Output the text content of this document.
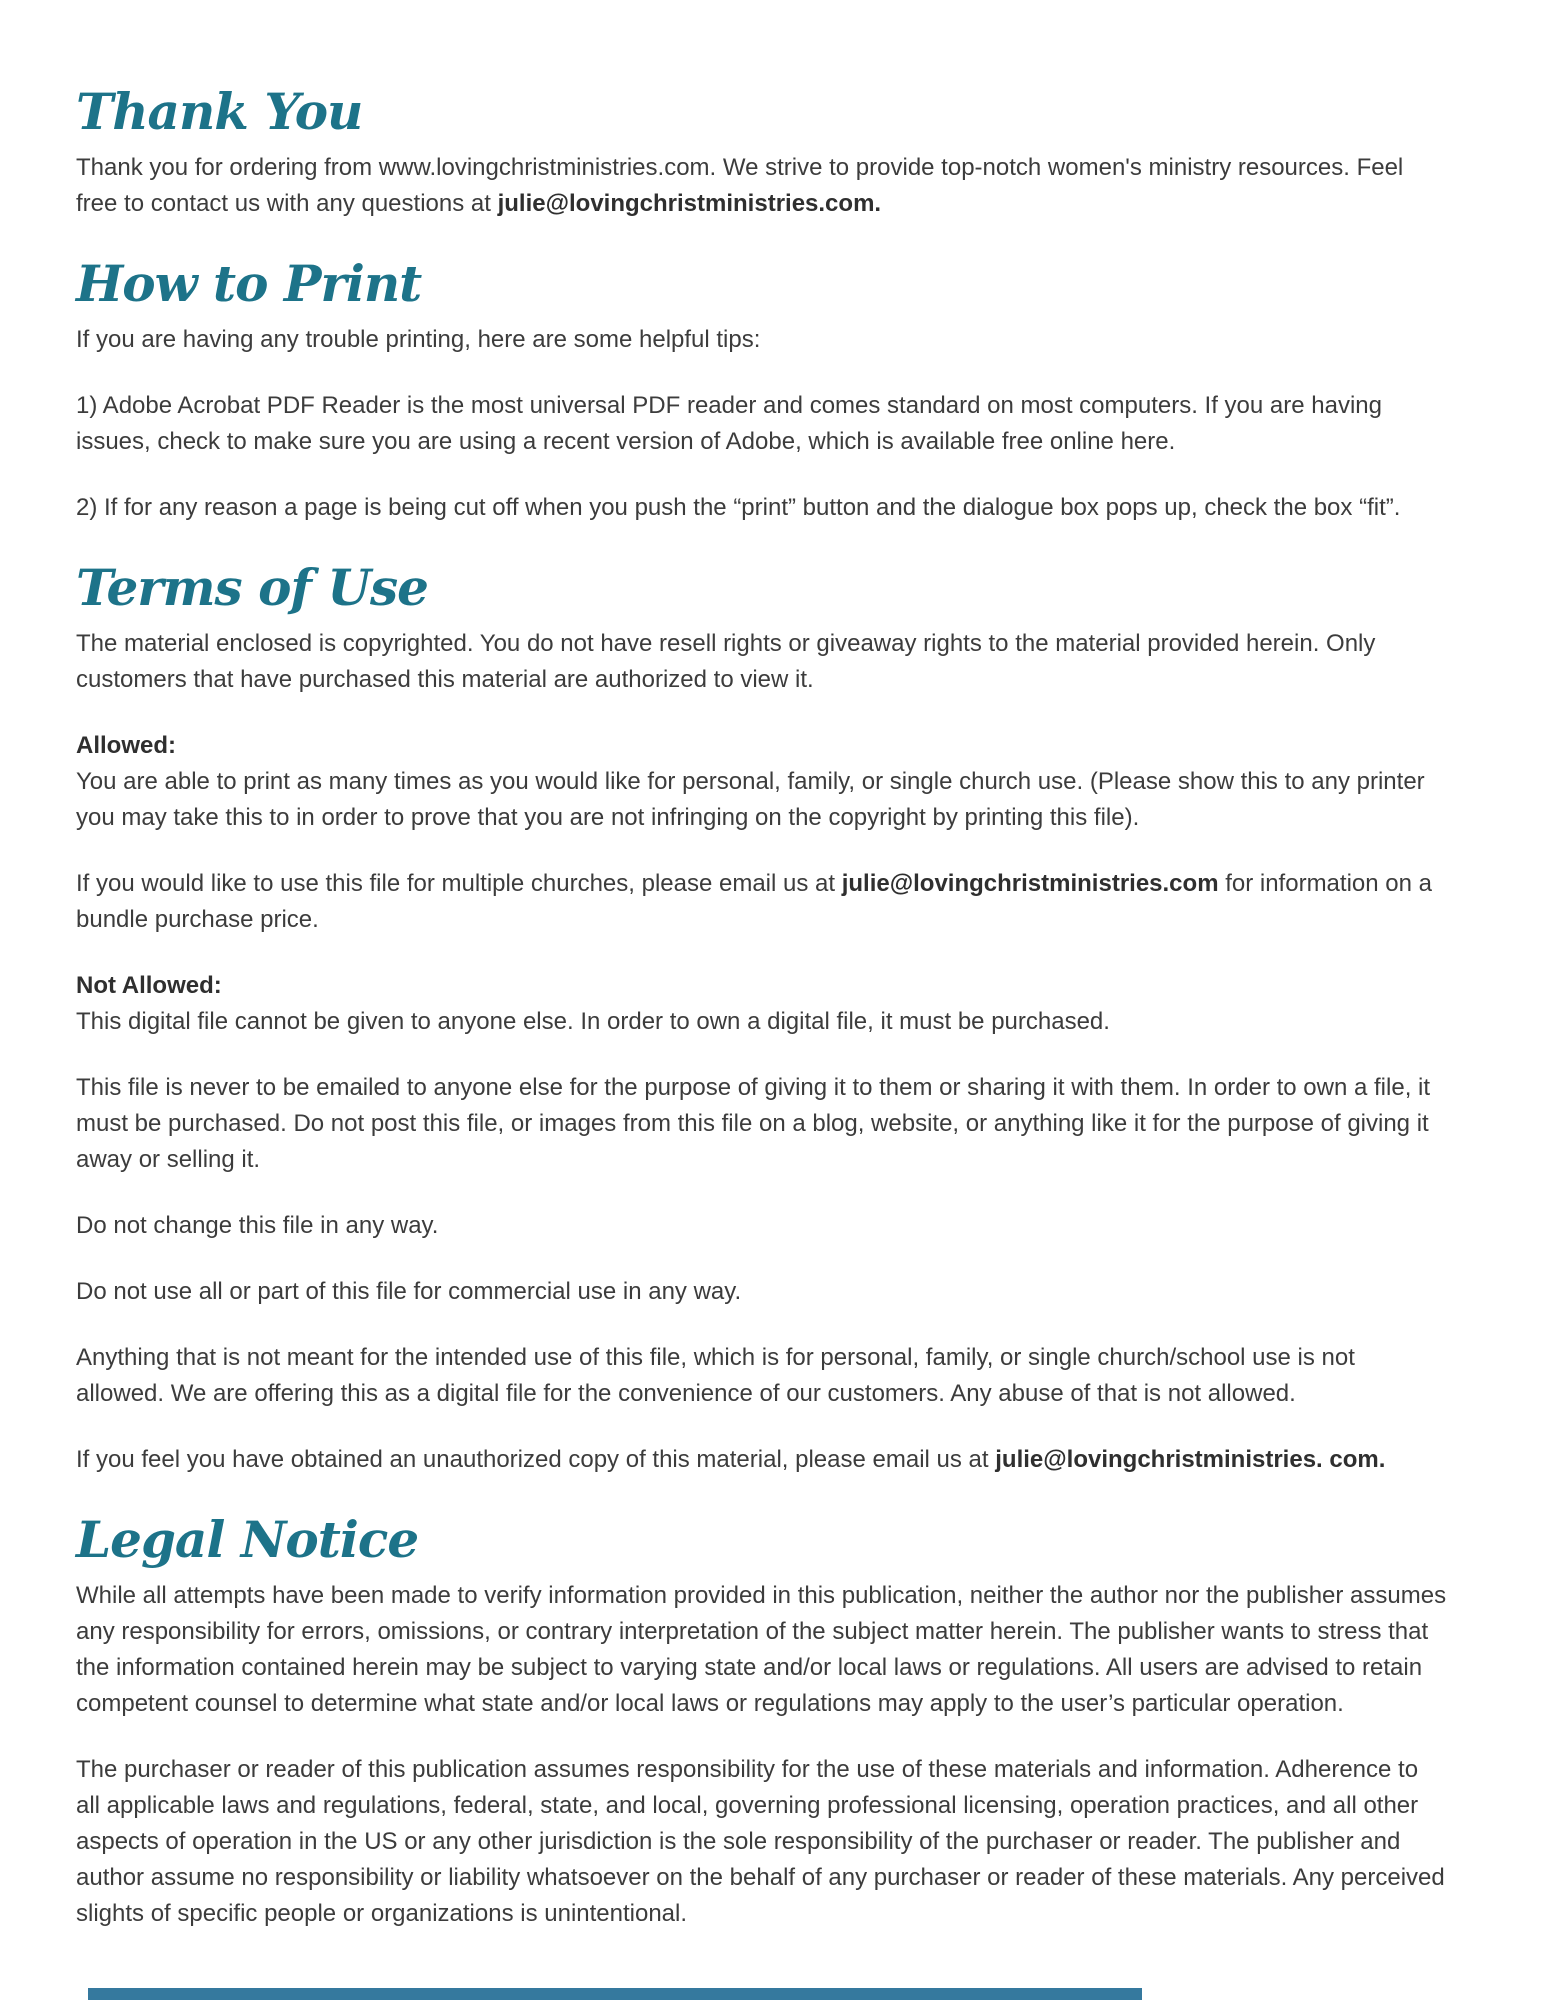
Thank You

Thank you for ordering from www.lovingchristministries.com. We strive to provide top-notch women's ministry resources. Feel free to contact us with any questions at julie@lovingchristministries.com.

How to Print

If you are having any trouble printing, here are some helpful tips:

1) Adobe Acrobat PDF Reader is the most universal PDF reader and comes standard on most computers. If you are having issues, check to make sure you are using a recent version of Adobe, which is available free online here.

2) If for any reason a page is being cut off when you push the “print” button and the dialogue box pops up, check the box “fit”.

Terms of Use

The material enclosed is copyrighted. You do not have resell rights or giveaway rights to the material provided herein. Only customers that have purchased this material are authorized to view it.

Allowed:
You are able to print as many times as you would like for personal, family, or single church use. (Please show this to any printer you may take this to in order to prove that you are not infringing on the copyright by printing this file).

If you would like to use this file for multiple churches, please email us at julie@lovingchristministries.com for information on a bundle purchase price.

Not Allowed:
This digital file cannot be given to anyone else. In order to own a digital file, it must be purchased.

This file is never to be emailed to anyone else for the purpose of giving it to them or sharing it with them. In order to own a file, it must be purchased. Do not post this file, or images from this file on a blog, website, or anything like it for the purpose of giving it away or selling it.

Do not change this file in any way.

Do not use all or part of this file for commercial use in any way.

Anything that is not meant for the intended use of this file, which is for personal, family, or single church/school use is not allowed. We are offering this as a digital file for the convenience of our customers. Any abuse of that is not allowed.

If you feel you have obtained an unauthorized copy of this material, please email us at julie@lovingchristministries. com.

Legal Notice

While all attempts have been made to verify information provided in this publication, neither the author nor the publisher assumes any responsibility for errors, omissions, or contrary interpretation of the subject matter herein. The publisher wants to stress that the information contained herein may be subject to varying state and/or local laws or regulations. All users are advised to retain competent counsel to determine what state and/or local laws or regulations may apply to the user’s particular operation.

The purchaser or reader of this publication assumes responsibility for the use of these materials and information. Adherence to all applicable laws and regulations, federal, state, and local, governing professional licensing, operation practices, and all other aspects of operation in the US or any other jurisdiction is the sole responsibility of the purchaser or reader. The publisher and author assume no responsibility or liability whatsoever on the behalf of any purchaser or reader of these materials. Any perceived slights of specific people or organizations is unintentional.
